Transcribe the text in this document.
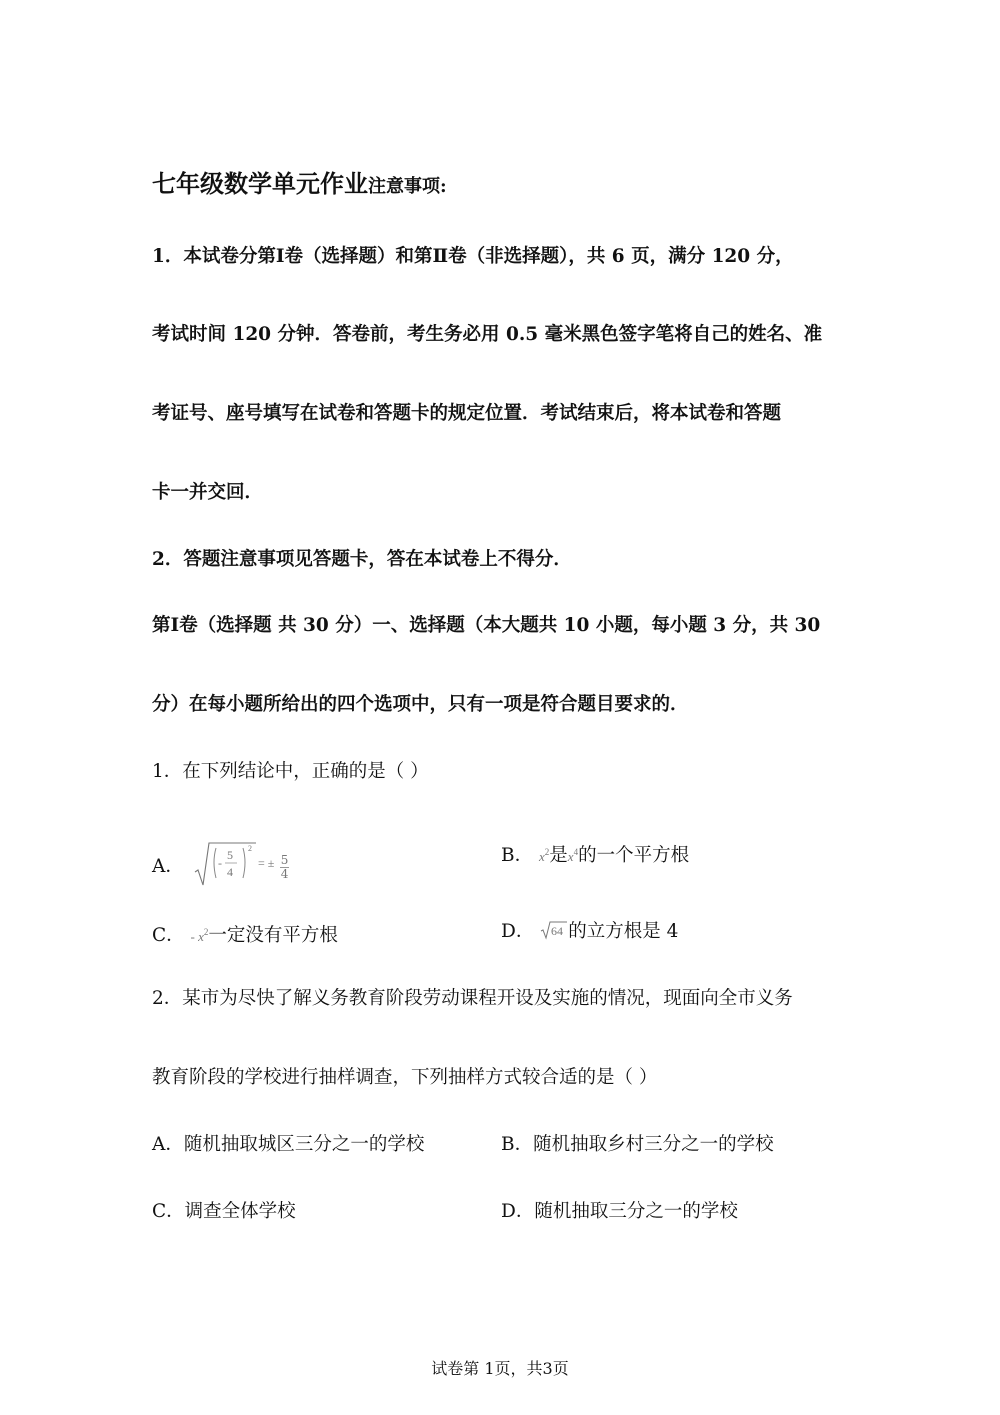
七年级数学单元作业注意事项:
1．本试卷分第Ⅰ卷（选择题）和第Ⅱ卷（非选择题），共 6 页，满分 120 分，
考试时间 120 分钟．答卷前，考生务必用 0.5 毫米黑色签字笔将自己的姓名、准
考证号、座号填写在试卷和答题卡的规定位置．考试结束后，将本试卷和答题
卡一并交回．
2．答题注意事项见答题卡，答在本试卷上不得分．
第Ⅰ卷（选择题 共 30 分）一、选择题（本大题共 10 小题，每小题 3 分，共 30
分）在每小题所给出的四个选项中，只有一项是符合题目要求的．
1．在下列结论中，正确的是（ ）
A．	-
5
4
2
= ± $\frac{5}{4}$	B． $x^2$是$x^4$的一个平方根
C． - $x^2$一定没有平方根	D． 64 的立方根是 4
2．某市为尽快了解义务教育阶段劳动课程开设及实施的情况，现面向全市义务
教育阶段的学校进行抽样调查，下列抽样方式较合适的是（ ）
A．随机抽取城区三分之一的学校	B．随机抽取乡村三分之一的学校
C．调查全体学校	D．随机抽取三分之一的学校
试卷第 1页，共3页
